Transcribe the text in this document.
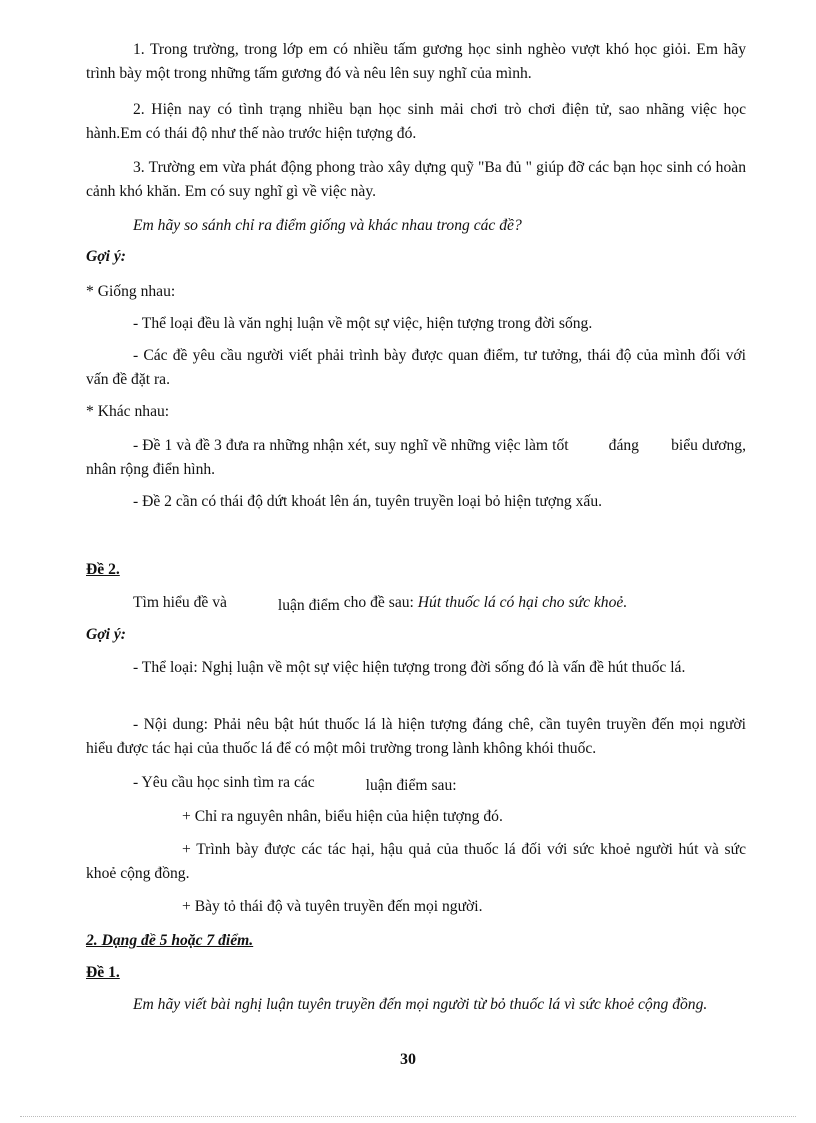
1. Trong trường, trong lớp em có nhiều tấm gương học sinh nghèo vượt khó học giỏi. Em hãy trình bày một trong những tấm gương đó và nêu lên suy nghĩ của mình.

2. Hiện nay có tình trạng nhiều bạn học sinh mải chơi trò chơi điện tử, sao nhãng việc học hành.Em có thái độ như thế nào trước hiện tượng đó.

3. Trường em vừa phát động phong trào xây dựng quỹ "Ba đủ " giúp đỡ các bạn học sinh có hoàn cảnh khó khăn. Em có suy nghĩ gì về việc này.

Em hãy so sánh chỉ ra điểm giống và khác nhau trong các đề?

Gợi ý:

* Giống nhau:

- Thể loại đều là văn nghị luận về một sự việc, hiện tượng trong đời sống.

- Các đề yêu cầu người viết phải trình bày được quan điểm, tư tưởng, thái độ của mình đối với vấn đề đặt ra.

* Khác nhau:

- Đề 1 và đề 3 đưa ra những nhận xét, suy nghĩ về những việc làm tốt	đáng biểu dương, nhân rộng điển hình.

- Đề 2 cần có thái độ dứt khoát lên án, tuyên truyền loại bỏ hiện tượng xấu.

Đề 2.

Tìm hiểu đề và	luận điểm cho đề sau: Hút thuốc lá có hại cho sức khoẻ.

Gợi ý:

- Thể loại: Nghị luận về một sự việc hiện tượng trong đời sống đó là vấn đề hút thuốc lá.

- Nội dung: Phải nêu bật hút thuốc lá là hiện tượng đáng chê, cần tuyên truyền đến mọi người hiểu được tác hại của thuốc lá để có một môi trường trong lành không khói thuốc.

- Yêu cầu học sinh tìm ra các	luận điểm sau:

+ Chỉ ra nguyên nhân, biểu hiện của hiện tượng đó.

+ Trình bày được các tác hại, hậu quả của thuốc lá đối với sức khoẻ người hút và sức khoẻ cộng đồng.

+ Bày tỏ thái độ và tuyên truyền đến mọi người.

2. Dạng đề 5 hoặc 7 điểm.

Đề 1.

Em hãy viết bài nghị luận tuyên truyền đến mọi người từ bỏ thuốc lá vì sức khoẻ cộng đồng.

30
